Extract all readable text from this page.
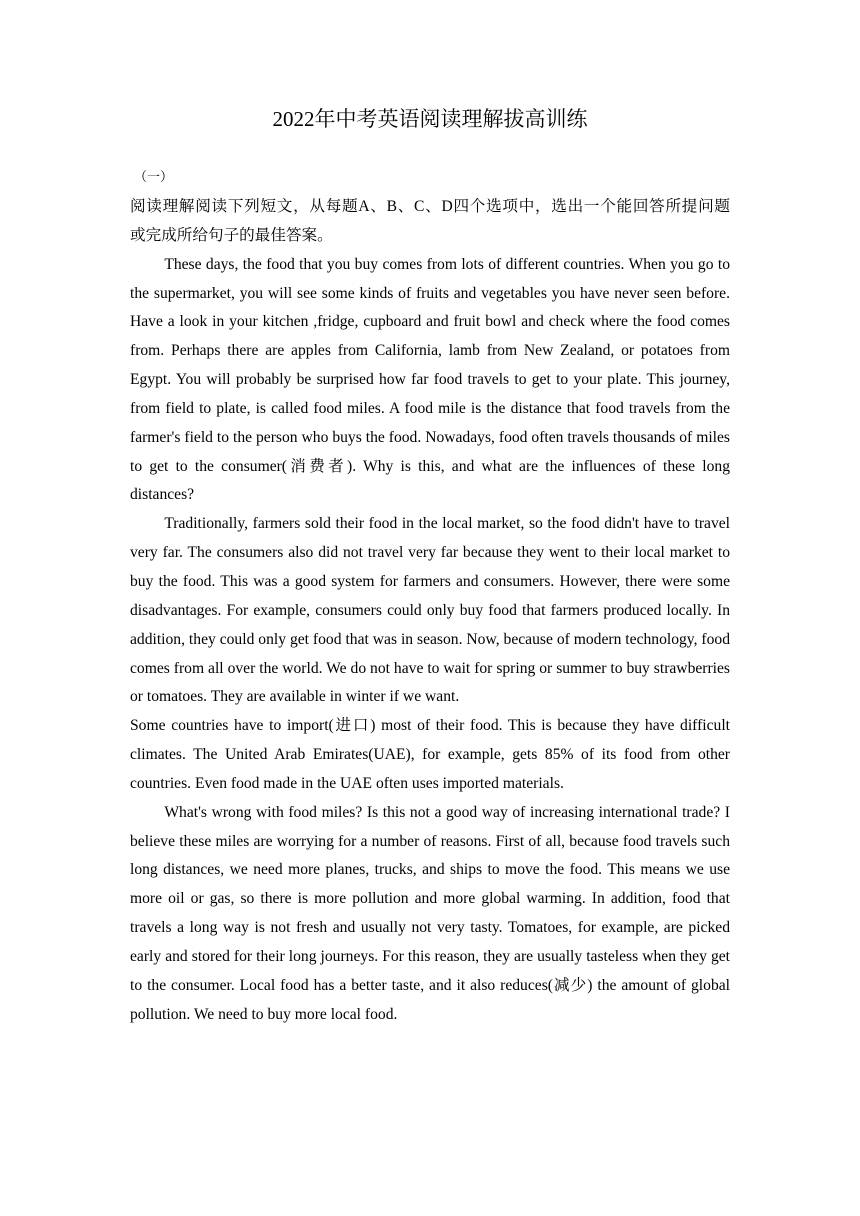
2022年中考英语阅读理解拔高训练
（一）

阅读理解阅读下列短文，从每题A、B、C、D四个选项中，选出一个能回答所提问题　或完成所给句子的最佳答案。

These days, the food that you buy comes from lots of different countries. When you go to the supermarket, you will see some kinds of fruits and vegetables you have never seen before. Have a look in your kitchen ,fridge, cupboard and fruit bowl and check where the food comes from. Perhaps there are apples from California, lamb from New Zealand, or potatoes from Egypt. You will probably be surprised how far food travels to get to your plate. This journey, from field to plate, is called food miles. A food mile is the distance that food travels from the farmer's field to the person who buys the food. Nowadays, food often travels thousands of miles to get to the consumer(消费者). Why is this, and what are the influences of these long distances?

Traditionally, farmers sold their food in the local market, so the food didn't have to travel very far. The consumers also did not travel very far because they went to their local market to buy the food. This was a good system for farmers and consumers. However, there were some disadvantages. For example, consumers could only buy food that farmers produced locally. In addition, they could only get food that was in season. Now, because of modern technology, food comes from all over the world. We do not have to wait for spring or summer to buy strawberries or tomatoes. They are available in winter if we want.

Some countries have to import(进口) most of their food. This is because they have difficult climates. The United Arab Emirates(UAE), for example, gets 85% of its food from other countries. Even food made in the UAE often uses imported materials.

What's wrong with food miles? Is this not a good way of increasing international trade? I believe these miles are worrying for a number of reasons. First of all, because food travels such long distances, we need more planes, trucks, and ships to move the food. This means we use more oil or gas, so there is more pollution and more global warming. In addition, food that travels a long way is not fresh and usually not very tasty. Tomatoes, for example, are picked early and stored for their long journeys. For this reason, they are usually tasteless when they get to the consumer. Local food has a better taste, and it also reduces(减少) the amount of global pollution. We need to buy more local food.
